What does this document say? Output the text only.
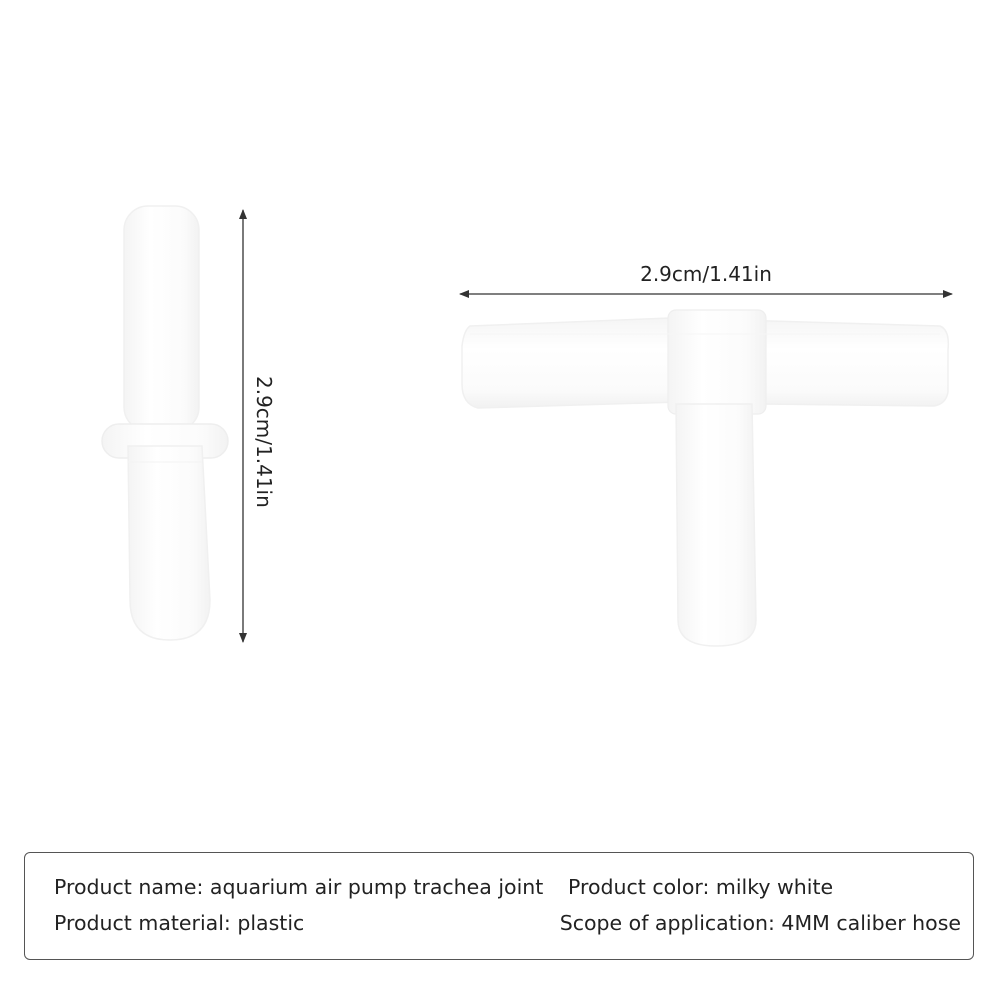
2.9cm/1.41in
2.9cm/1.41in
Product name: aquarium air pump trachea joint	Product color: milky white
Product material: plastic	Scope of application: 4MM caliber hose
